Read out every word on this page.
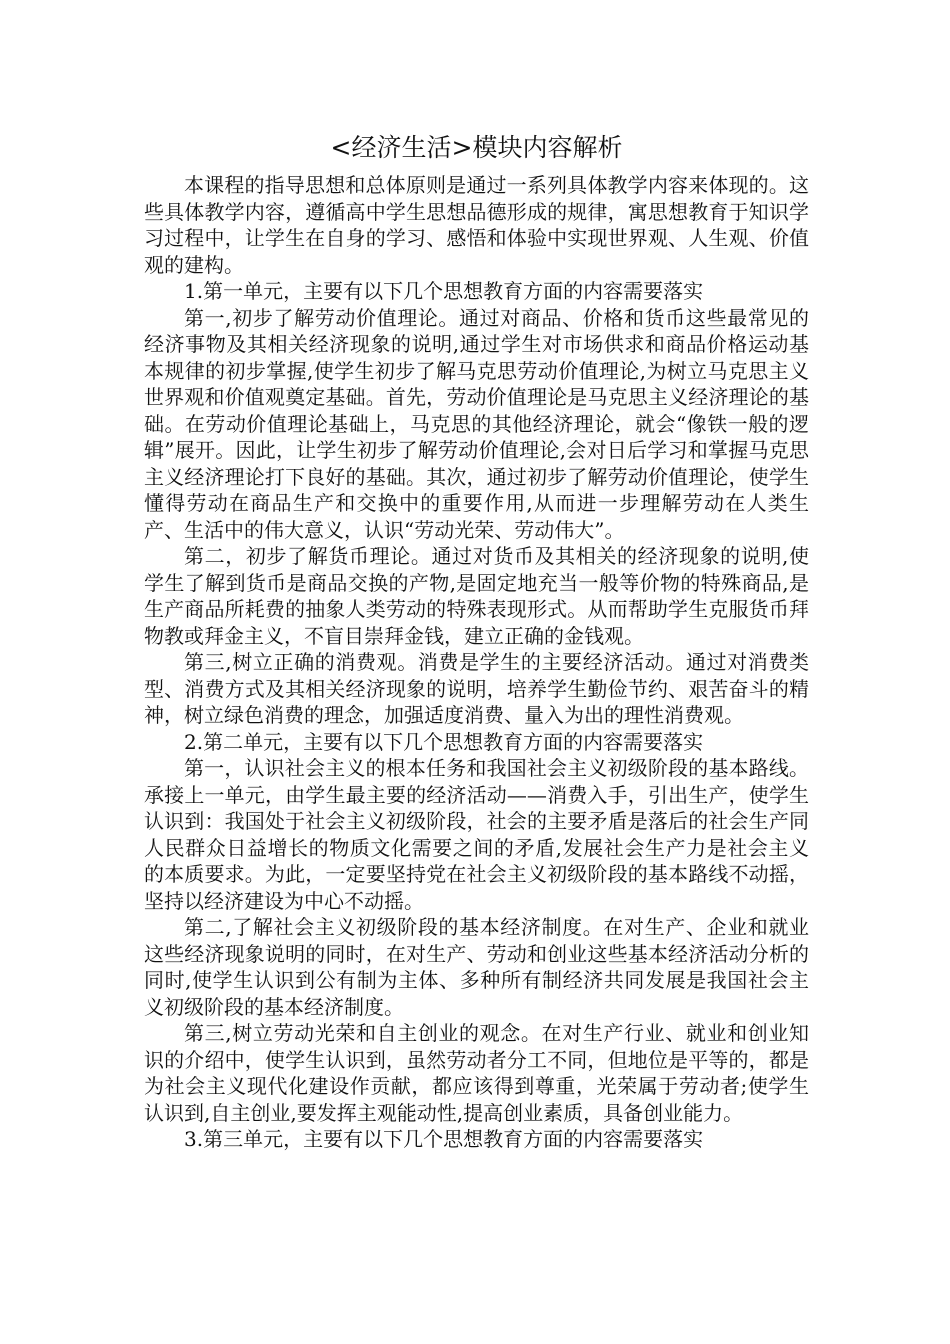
<经济生活>模块内容解析

本课程的指导思想和总体原则是通过一系列具体教学内容来体现的。这些具体教学内容，遵循高中学生思想品德形成的规律，寓思想教育于知识学习过程中，让学生在自身的学习、感悟和体验中实现世界观、人生观、价值观的建构。

1.第一单元，主要有以下几个思想教育方面的内容需要落实

第一,初步了解劳动价值理论。通过对商品、价格和货币这些最常见的经济事物及其相关经济现象的说明,通过学生对市场供求和商品价格运动基本规律的初步掌握,使学生初步了解马克思劳动价值理论,为树立马克思主义世界观和价值观奠定基础。首先，劳动价值理论是马克思主义经济理论的基础。在劳动价值理论基础上，马克思的其他经济理论，就会“像铁一般的逻辑”展开。因此，让学生初步了解劳动价值理论,会对日后学习和掌握马克思主义经济理论打下良好的基础。其次，通过初步了解劳动价值理论，使学生懂得劳动在商品生产和交换中的重要作用,从而进一步理解劳动在人类生产、生活中的伟大意义，认识“劳动光荣、劳动伟大”。

第二，初步了解货币理论。通过对货币及其相关的经济现象的说明,使学生了解到货币是商品交换的产物,是固定地充当一般等价物的特殊商品,是生产商品所耗费的抽象人类劳动的特殊表现形式。从而帮助学生克服货币拜物教或拜金主义，不盲目崇拜金钱，建立正确的金钱观。

第三,树立正确的消费观。消费是学生的主要经济活动。通过对消费类型、消费方式及其相关经济现象的说明，培养学生勤俭节约、艰苦奋斗的精神，树立绿色消费的理念，加强适度消费、量入为出的理性消费观。

2.第二单元，主要有以下几个思想教育方面的内容需要落实

第一，认识社会主义的根本任务和我国社会主义初级阶段的基本路线。承接上一单元，由学生最主要的经济活动——消费入手，引出生产，使学生认识到：我国处于社会主义初级阶段，社会的主要矛盾是落后的社会生产同人民群众日益增长的物质文化需要之间的矛盾,发展社会生产力是社会主义的本质要求。为此，一定要坚持党在社会主义初级阶段的基本路线不动摇，坚持以经济建设为中心不动摇。

第二,了解社会主义初级阶段的基本经济制度。在对生产、企业和就业这些经济现象说明的同时，在对生产、劳动和创业这些基本经济活动分析的同时,使学生认识到公有制为主体、多种所有制经济共同发展是我国社会主义初级阶段的基本经济制度。

第三,树立劳动光荣和自主创业的观念。在对生产行业、就业和创业知识的介绍中，使学生认识到，虽然劳动者分工不同，但地位是平等的，都是为社会主义现代化建设作贡献，都应该得到尊重，光荣属于劳动者;使学生认识到,自主创业,要发挥主观能动性,提高创业素质，具备创业能力。

3.第三单元，主要有以下几个思想教育方面的内容需要落实
